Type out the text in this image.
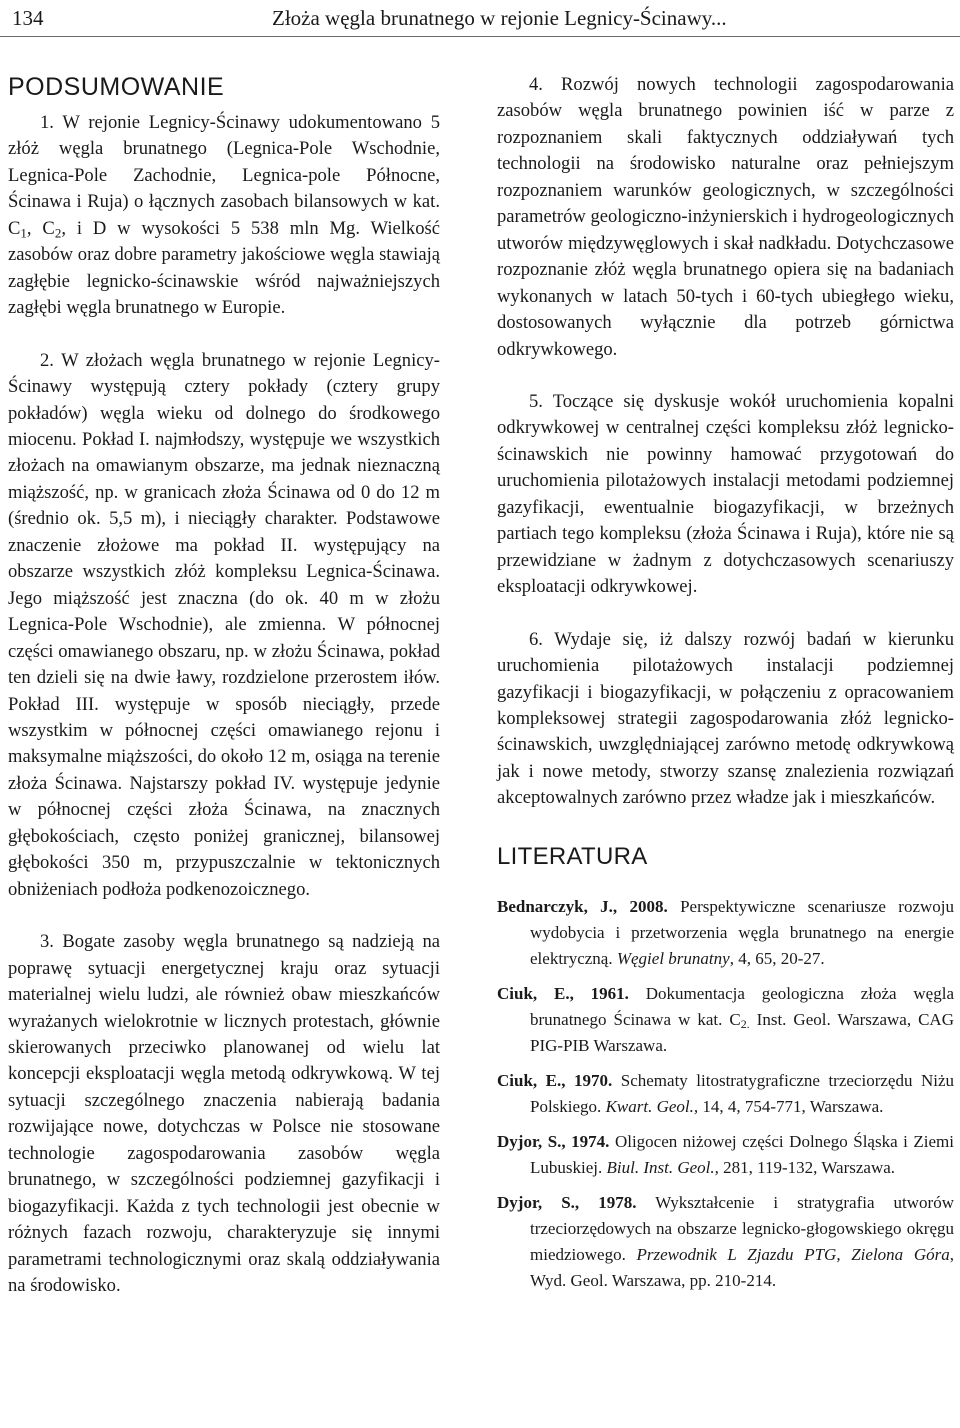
134	Złoża węgla brunatnego w rejonie Legnicy-Ścinawy...
PODSUMOWANIE

1. W rejonie Legnicy-Ścinawy udokumentowano 5 złóż węgla brunatnego (Legnica-Pole Wschodnie, Legnica-Pole Zachodnie, Legnica-pole Północne, Ścinawa i Ruja) o łącznych zasobach bilansowych w kat. $C_1$, $C_2$, i D w wysokości 5 538 mln Mg. Wielkość zasobów oraz dobre parametry jakościowe węgla stawiają zagłębie legnicko-ścinawskie wśród najważniejszych zagłębi węgla brunatnego w Europie.

2. W złożach węgla brunatnego w rejonie Legnicy-Ścinawy występują cztery pokłady (cztery grupy pokładów) węgla wieku od dolnego do środkowego miocenu. Pokład I. najmłodszy, występuje we wszystkich złożach na omawianym obszarze, ma jednak nieznaczną miąższość, np. w granicach złoża Ścinawa od 0 do 12 m (średnio ok. 5,5 m), i nieciągły charakter. Podstawowe znaczenie złożowe ma pokład II. występujący na obszarze wszystkich złóż kompleksu Legnica-Ścinawa. Jego miąższość jest znaczna (do ok. 40 m w złożu Legnica-Pole Wschodnie), ale zmienna. W północnej części omawianego obszaru, np. w złożu Ścinawa, pokład ten dzieli się na dwie ławy, rozdzielone przerostem iłów. Pokład III. występuje w sposób nieciągły, przede wszystkim w północnej części omawianego rejonu i maksymalne miąższości, do około 12 m, osiąga na terenie złoża Ścinawa. Najstarszy pokład IV. występuje jedynie w północnej części złoża Ścinawa, na znacznych głębokościach, często poniżej granicznej, bilansowej głębokości 350 m, przypuszczalnie w tektonicznych obniżeniach podłoża podkenozoicznego.

3. Bogate zasoby węgla brunatnego są nadzieją na poprawę sytuacji energetycznej kraju oraz sytuacji materialnej wielu ludzi, ale również obaw mieszkańców wyrażanych wielokrotnie w licznych protestach, głównie skierowanych przeciwko planowanej od wielu lat koncepcji eksploatacji węgla metodą odkrywkową. W tej sytuacji szczególnego znaczenia nabierają badania rozwijające nowe, dotychczas w Polsce nie stosowane technologie zagospodarowania zasobów węgla brunatnego, w szczególności podziemnej gazyfikacji i biogazyfikacji. Każda z tych technologii jest obecnie w różnych fazach rozwoju, charakteryzuje się innymi parametrami technologicznymi oraz skalą oddziaływania na środowisko.

4. Rozwój nowych technologii zagospodarowania zasobów węgla brunatnego powinien iść w parze z rozpoznaniem skali faktycznych oddziaływań tych technologii na środowisko naturalne oraz pełniejszym rozpoznaniem warunków geologicznych, w szczególności parametrów geologiczno-inżynierskich i hydrogeologicznych utworów międzywęglowych i skał nadkładu. Dotychczasowe rozpoznanie złóż węgla brunatnego opiera się na badaniach wykonanych w latach 50-tych i 60-tych ubiegłego wieku, dostosowanych wyłącznie dla potrzeb górnictwa odkrywkowego.

5. Toczące się dyskusje wokół uruchomienia kopalni odkrywkowej w centralnej części kompleksu złóż legnicko-ścinawskich nie powinny hamować przygotowań do uruchomienia pilotażowych instalacji metodami podziemnej gazyfikacji, ewentualnie biogazyfikacji, w brzeżnych partiach tego kompleksu (złoża Ścinawa i Ruja), które nie są przewidziane w żadnym z dotychczasowych scenariuszy eksploatacji odkrywkowej.

6. Wydaje się, iż dalszy rozwój badań w kierunku uruchomienia pilotażowych instalacji podziemnej gazyfikacji i biogazyfikacji, w połączeniu z opracowaniem kompleksowej strategii zagospodarowania złóż legnicko-ścinawskich, uwzględniającej zarówno metodę odkrywkową jak i nowe metody, stworzy szansę znalezienia rozwiązań akceptowalnych zarówno przez władze jak i mieszkańców.

LITERATURA

Bednarczyk, J., 2008. Perspektywiczne scenariusze rozwoju wydobycia i przetworzenia węgla brunatnego na energie elektryczną. Węgiel brunatny, 4, 65, 20-27.

Ciuk, E., 1961. Dokumentacja geologiczna złoża węgla brunatnego Ścinawa w kat. $C_{2.}$ Inst. Geol. Warszawa, CAG PIG-PIB Warszawa.

Ciuk, E., 1970. Schematy litostratygraficzne trzeciorzędu Niżu Polskiego. Kwart. Geol., 14, 4, 754-771, Warszawa.

Dyjor, S., 1974. Oligocen niżowej części Dolnego Śląska i Ziemi Lubuskiej. Biul. Inst. Geol., 281, 119-132, Warszawa.

Dyjor, S., 1978. Wykształcenie i stratygrafia utworów trzeciorzędowych na obszarze legnicko-głogowskiego okręgu miedziowego. Przewodnik L Zjazdu PTG, Zielona Góra, Wyd. Geol. Warszawa, pp. 210-214.
